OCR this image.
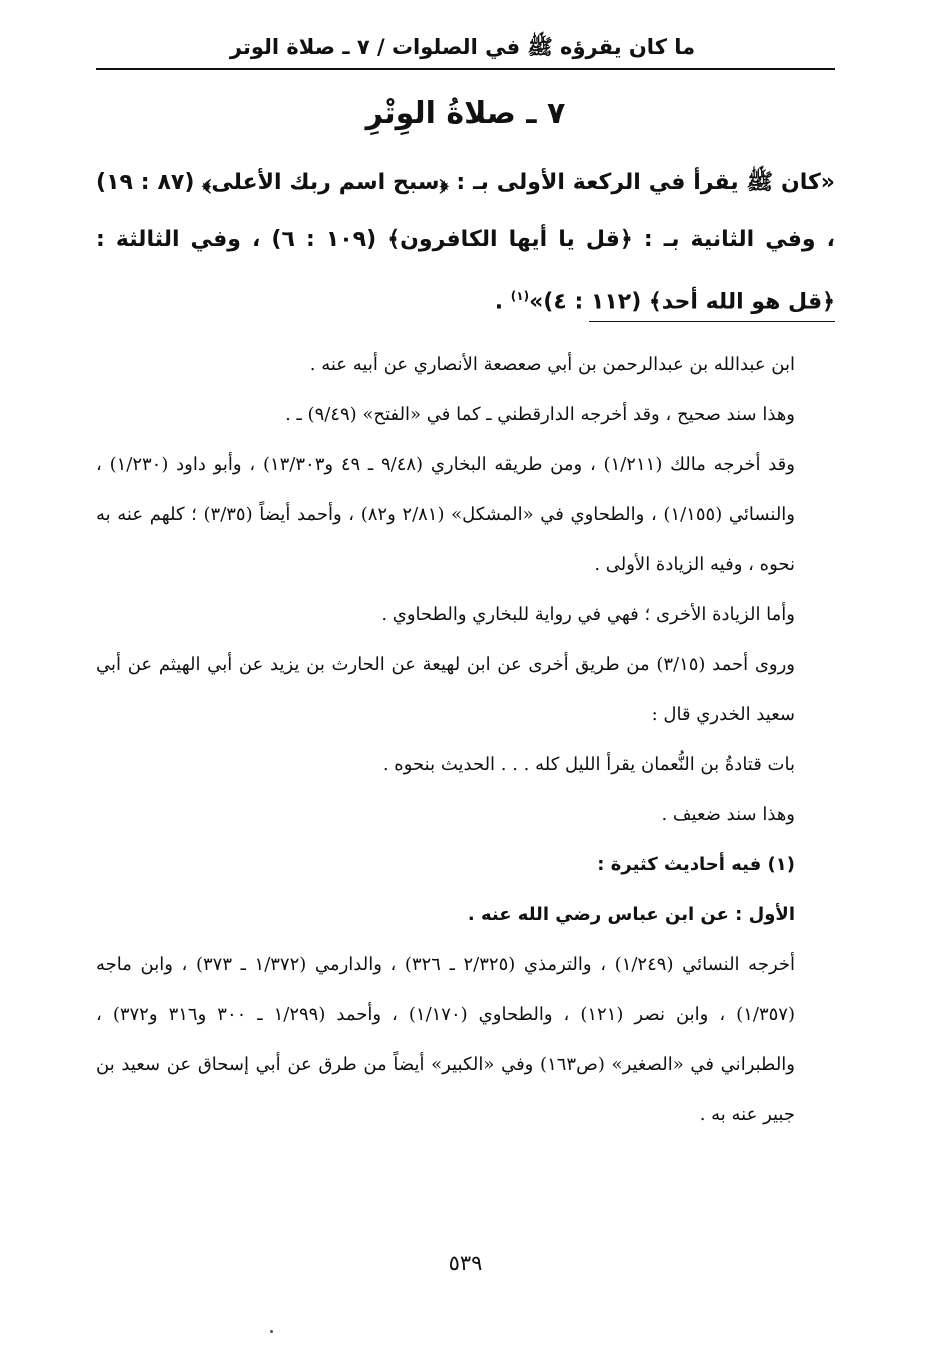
ما كان يقرؤه ﷺ في الصلوات / ٧ ـ صلاة الوتر
٧ ـ صلاةُ الوِتْرِ
«كان ﷺ يقرأ في الركعة الأولى بـ : ﴿سبح اسم ربك الأعلى﴾ (٨٧ : ١٩) ، وفي الثانية بـ : ﴿قل يا أيها الكافرون﴾ (١٠٩ : ٦) ، وفي الثالثة : ﴿قل هو الله أحد﴾ (١١٢ : ٤)»$^{(١)}$ .

ابن عبدالله بن عبدالرحمن بن أبي صعصعة الأنصاري عن أبيه عنه .

وهذا سند صحيح ، وقد أخرجه الدارقطني ـ كما في «الفتح» (٩/٤٩) ـ .

وقد أخرجه مالك (١/٢١١) ، ومن طريقه البخاري (٩/٤٨ ـ ٤٩ و١٣/٣٠٣) ، وأبو داود (١/٢٣٠) ، والنسائي (١/١٥٥) ، والطحاوي في «المشكل» (٢/٨١ و٨٢) ، وأحمد أيضاً (٣/٣٥) ؛ كلهم عنه به نحوه ، وفيه الزيادة الأولى .

وأما الزيادة الأخرى ؛ فهي في رواية للبخاري والطحاوي .

وروى أحمد (٣/١٥) من طريق أخرى عن ابن لهيعة عن الحارث بن يزيد عن أبي الهيثم عن أبي سعيد الخدري قال :

بات قتادةُ بن النُّعمان يقرأ الليل كله . . . الحديث بنحوه .

وهذا سند ضعيف .

(١) فيه أحاديث كثيرة :

الأول : عن ابن عباس رضي الله عنه .

أخرجه النسائي (١/٢٤٩) ، والترمذي (٢/٣٢٥ ـ ٣٢٦) ، والدارمي (١/٣٧٢ ـ ٣٧٣) ، وابن ماجه (١/٣٥٧) ، وابن نصر (١٢١) ، والطحاوي (١/١٧٠) ، وأحمد (١/٢٩٩ ـ ٣٠٠ و٣١٦ و٣٧٢) ، والطبراني في «الصغير» (ص١٦٣) وفي «الكبير» أيضاً من طرق عن أبي إسحاق عن سعيد بن جبير عنه به .

٥٣٩
